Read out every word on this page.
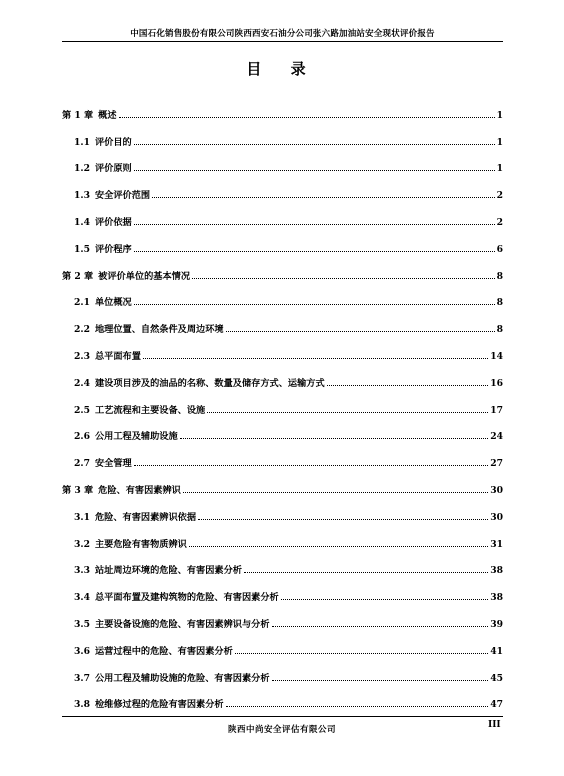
中国石化销售股份有限公司陕西西安石油分公司张六路加油站安全现状评价报告
目 录
第 1 章 概述	1
1.1 评价目的	1
1.2 评价原则	1
1.3 安全评价范围	2
1.4 评价依据	2
1.5 评价程序	6
第 2 章 被评价单位的基本情况	8
2.1 单位概况	8
2.2 地理位置、自然条件及周边环境	8
2.3 总平面布置	14
2.4 建设项目涉及的油品的名称、数量及储存方式、运输方式	16
2.5 工艺流程和主要设备、设施	17
2.6 公用工程及辅助设施	24
2.7 安全管理	27
第 3 章 危险、有害因素辨识	30
3.1 危险、有害因素辨识依据	30
3.2 主要危险有害物质辨识	31
3.3 站址周边环境的危险、有害因素分析	38
3.4 总平面布置及建构筑物的危险、有害因素分析	38
3.5 主要设备设施的危险、有害因素辨识与分析	39
3.6 运营过程中的危险、有害因素分析	41
3.7 公用工程及辅助设施的危险、有害因素分析	45
3.8 检维修过程的危险有害因素分析	47
陕西中尚安全评估有限公司	III
